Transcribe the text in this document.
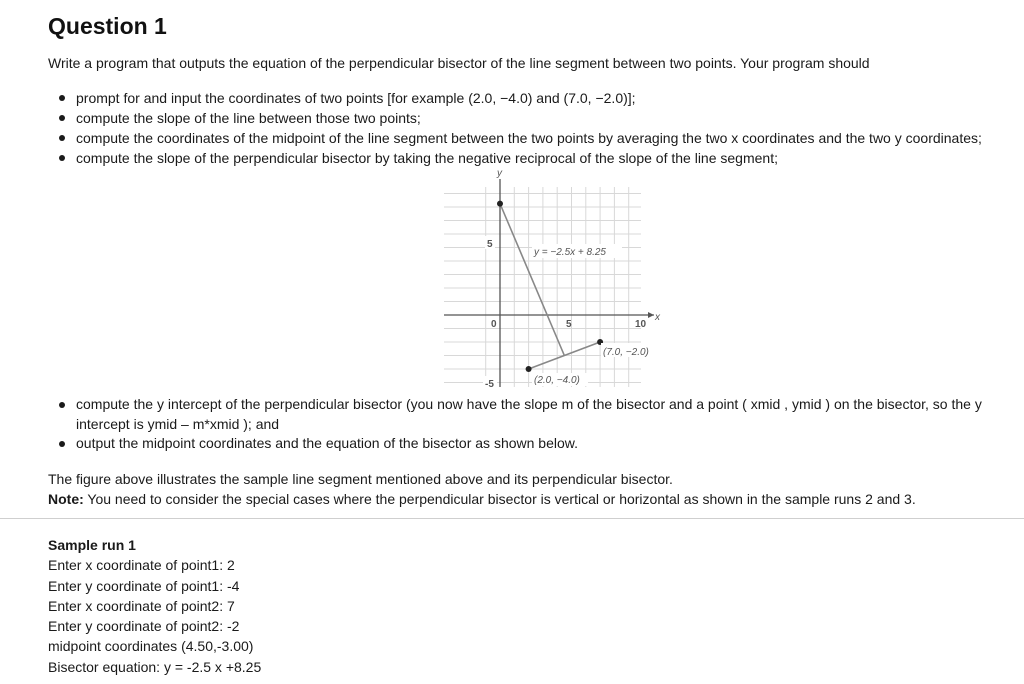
Question 1
Write a program that outputs the equation of the perpendicular bisector of the line segment between two points. Your program should
prompt for and input the coordinates of two points [for example (2.0, −4.0) and (7.0, −2.0)];
compute the slope of the line between those two points;
compute the coordinates of the midpoint of the line segment between the two points by averaging the two x coordinates and the two y coordinates;
compute the slope of the perpendicular bisector by taking the negative reciprocal of the slope of the line segment;
y = −2.5x + 8.25
(7.0, −2.0)
(2.0, −4.0)
y
x
5
-5
0	5	10
compute the y intercept of the perpendicular bisector (you now have the slope m of the bisector and a point ( xmid , ymid ) on the bisector, so the y intercept is ymid – m*xmid ); and
output the midpoint coordinates and the equation of the bisector as shown below.
The figure above illustrates the sample line segment mentioned above and its perpendicular bisector.
Note: You need to consider the special cases where the perpendicular bisector is vertical or horizontal as shown in the sample runs 2 and 3.
Sample run 1
Enter x coordinate of point1: 2
Enter y coordinate of point1: -4
Enter x coordinate of point2: 7
Enter y coordinate of point2: -2
midpoint coordinates (4.50,-3.00)
Bisector equation: y = -2.5 x +8.25
